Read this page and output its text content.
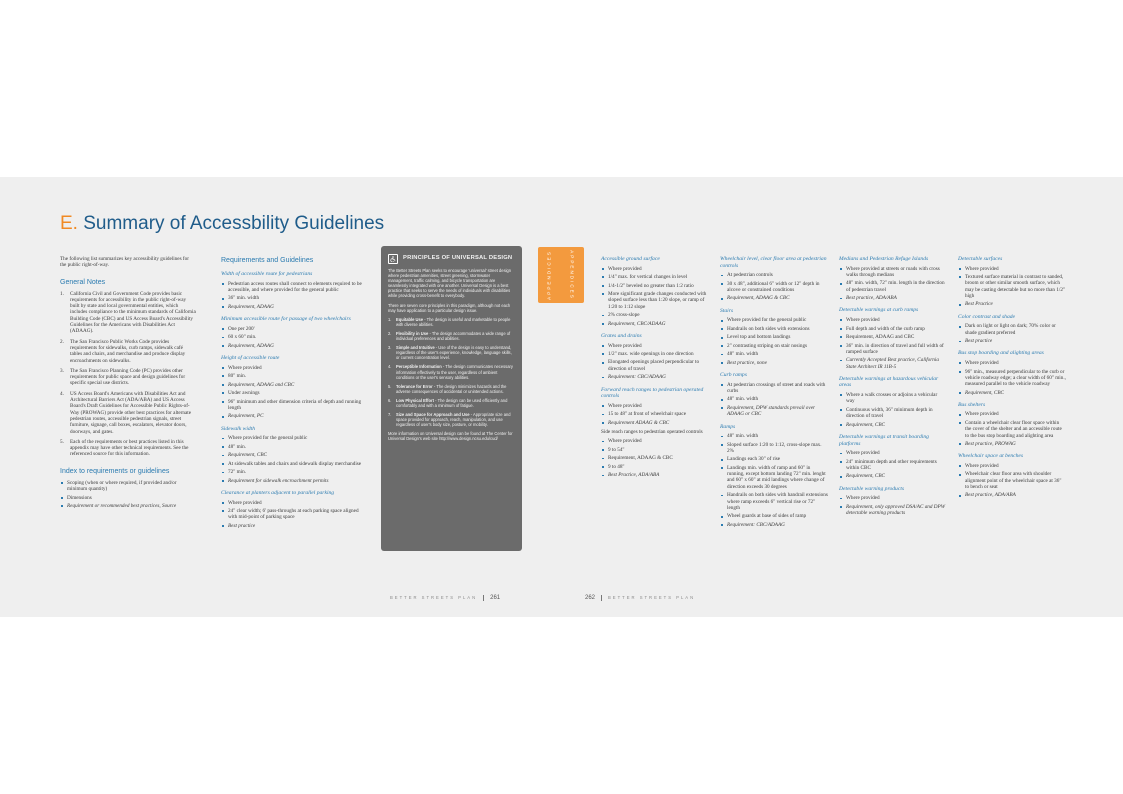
E. Summary of Accessbility Guidelines

The following list summarizes key accessibility guidelines for the public right-of-way.

General Notes
1. California Civil and Government Code provides basic requirements for accessibility in the public right-of-way built by state and local governmental entities, which includes compliance to the minimum standards of California Building Code (CBC) and US Access Board's Accessibility Guidelines for the Americans with Disabilities Act (ADAAG).
2. The San Francisco Public Works Code provides requirements for sidewalks, curb ramps, sidewalk café tables and chairs, and merchandise and produce display encroachments on sidewalks.
3. The San Francisco Planning Code (PC) provides other requirements for public space and design guidelines for specific special use districts.
4. US Access Board's Americans with Disabilities Act and Architectural Barriers Act (ADA/ABA) and US Access Board's Draft Guidelines for Accessible Public Rights-of-Way (PROWAG) provide other best practices for alternate pedestrian routes, accessible pedestrian signals, street furniture, signage, call boxes, escalators, elevator doors, doorways, and gates.
5. Each of the requirements or best practices listed in this appendix may have other technical requirements. See the referenced source for this information.
Index to requirements or guidelines
Scoping (when or where required, if provided and/or minimum quantity)
Dimensions
Requirement or recommended best practices, Source
Requirements and Guidelines
Width of accessible route for pedestrians
Pedestrian access routes shall connect to elements required to be accessible, and where provided for the general public
36" min. width
Requirement, ADAAG
Minimum accessible route for passage of two wheelchairs
One per 200'
60 x 60" min.
Requirement, ADAAG
Height of accessible route
Where provided
80" min.
Requirement, ADAAG and CBC
Under awnings
96" minimum and other dimension criteria of depth and running length
Requirement, PC
Sidewalk width
Where provided for the general public
48" min.
Requirement, CBC
At sidewalk tables and chairs and sidewalk display merchandise
72" min.
Requirement for sidewalk encroachment permits
Clearance at planters adjacent to parallel parking
Where provided
24" clear width; 6' pass-throughs at each parking space aligned with mid-point of parking space
Best practice
PRINCIPLES OF UNIVERSAL DESIGN

The Better Streets Plan seeks to encourage 'universal' street design where pedestrian amenities, street greening, stormwater management, traffic calming, and bicycle transportation are seamlessly integrated with one another. Universal Design is a best practice that seeks to serve the needs of individuals with disabilities while providing cross-benefit to everybody.

There are seven core principles in this paradigm, although not each may have application to a particular design issue.

1. Equitable Use - The design is useful and marketable to people with diverse abilities.
2. Flexibility in Use - The design accommodates a wide range of individual preferences and abilities.
3. Simple and Intuitive - Use of the design is easy to understand, regardless of the user's experience, knowledge, language skills, or current concentration level.
4. Perceptible Information - The design communicates necessary information effectively to the user, regardless of ambient conditions or the user's sensory abilities.
5. Tolerance for Error - The design minimizes hazards and the adverse consequences of accidental or unintended actions.
6. Low Physical Effort - The design can be used efficiently and comfortably and with a minimum of fatigue.
7. Size and Space for Approach and Use - Appropriate size and space provided for approach, reach, manipulation, and use regardless of user's body size, posture, or mobility.

More information on Universal design can be found at The Center for Universal Design's web site http://www.design.ncsu.edu/cud/

APPENDICES	APPENDICES	Accessible ground surface
Where provided
1/4" max. for vertical changes in level
1/4-1/2" beveled no greater than 1:2 ratio
More significant grade changes conducted with sloped surface less than 1:20 slope, or ramp of 1:20 to 1:12 slope
2% cross-slope
Requirement, CBC/ADAAG
Grates and drains
Where provided
1/2" max. wide openings in one direction
Elongated openings placed perpendicular to direction of travel
Requirement: CBC/ADAAG
Forward reach ranges to pedestrian operated controls
Where provided
15 to 48" at front of wheelchair space
Requirement ADAAG & CBC

Side reach ranges to pedestrian operated controls

Where provided
9 to 54"
Requirement, ADAAG & CBC
9 to 48"
Best Practice, ADA/ABA
Wheelchair level, clear floor area at pedestrian controls
At pedestrian controls
30 x 48", additional 6" width or 12" depth in alcove or constrained conditions
Requirement, ADAAG & CBC
Stairs
Where provided for the general public
Handrails on both sides with extensions
Level top and bottom landings
2" contrasting striping on stair nosings
48" min. width
Best practice, none
Curb ramps
At pedestrian crossings of street and roads with curbs
48" min. width
Requirement, DPW standards prevail over ADAAG or CBC
Ramps
48" min. width
Sloped surface 1:20 to 1:12, cross-slope max. 2%
Landings each 30" of rise
Landings min. width of ramp and 60" in running, except bottom landing 72" min. lenght and 60" x 60" at mid landings where change of direction exceeds 30 degrees
Handrails on both sides with handrail extensions where ramp exceeds 6" vertical rise or 72" length
Wheel guards at base of sides of ramp
Requirement: CBC/ADAAG
Medians and Pedestrian Refuge Islands
Where provided at streets or roads with cross walks through medians
48" min. width, 72" min. length in the direction of pedestrian travel
Best practice, ADA/ABA
Detectable warnings at curb ramps
Where provided
Full depth and width of the curb ramp
Requirement, ADAAG and CBC
36" min. in direction of travel and full width of ramped surface
Currently Accepted Best practice, California State Architect IR 11B-5
Detectable warnings at hazardous vehicular areas
Where a walk crosses or adjoins a vehicular way
Continuous width, 36" minimum depth in direction of travel
Requirement, CBC
Detectable warnings at transit boarding platforms
Where provided
24" minimum depth and other requirements within CBC
Requirement, CBC
Detectable warning products
Where provided
Requirement, only approved DSA/AC and DPW detectable warning products
Detectable surfaces
Where provided
Textured surface material in contrast to sanded, broom or other similar smooth surface, which may be casting detectable but no more than 1/2" high
Best Practice
Color contrast and shade
Dark on light or light on dark; 70% color or shade gradient preferred
Best practice
Bus stop boarding and alighting areas
Where provided
96" min., measured perpendicular to the curb or vehicle roadway edge; a clear width of 60" min., measured parallel to the vehicle roadway
Requirement, CBC
Bus shelters
Where provided
Contain a wheelchair clear floor space within the cover of the shelter and an accessible route to the bus stop boarding and alighting area
Best practice, PROWAG
Wheelchair space at benches
Where provided
Wheelchair clear floor area with shoulder alignment point of the wheelchair space at 36" to bench or seat
Best practice, ADA/ABA
BETTER STREETS PLAN 261	262	BETTER STREETS PLAN
